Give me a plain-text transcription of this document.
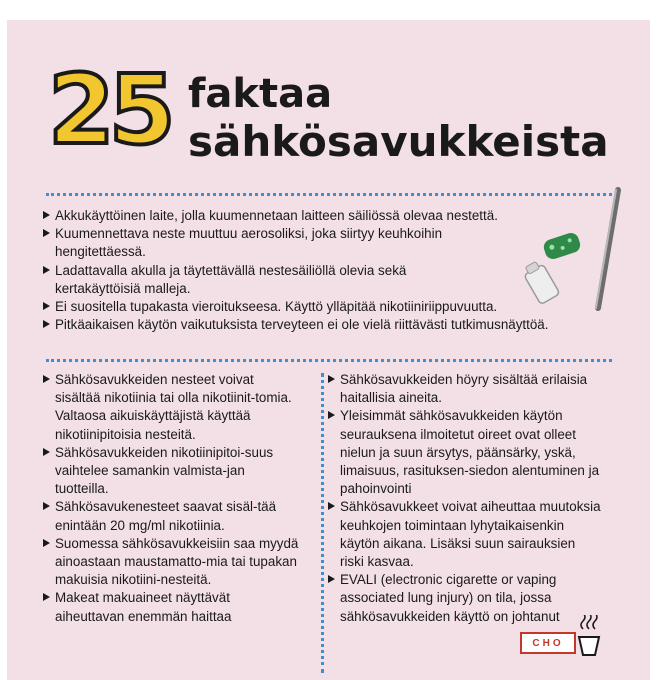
25 faktaa
sähkösavukkeista
Akkukäyttöinen laite, jolla kuumennetaan laitteen säiliössä olevaa nestettä.
Kuumennettava neste muuttuu aerosoliksi, joka siirtyy keuhkoihin hengitettäessä.
Ladattavalla akulla ja täytettävällä nestesäiliöllä olevia sekä kertakäyttöisiä malleja.
Ei suositella tupakasta vieroitukseesa. Käyttö ylläpitää nikotiiniriippuvuutta.
Pitkäaikaisen käytön vaikutuksista terveyteen ei ole vielä riittävästi tutkimusnäyttöä.
Sähkösavukkeiden nesteet voivat sisältää nikotiinia tai olla nikotiinit-tomia. Valtaosa aikuiskäyttäjistä käyttää nikotiinipitoisia nesteitä.
Sähkösavukkeiden nikotiinipitoi-suus vaihtelee samankin valmista-jan tuotteilla.
Sähkösavukenesteet saavat sisäl-tää enintään 20 mg/ml nikotiinia.
Suomessa sähkösavukkeisiin saa myydä ainoastaan maustamatto-mia tai tupakan makuisia nikotiini-nesteitä.
Makeat makuaineet näyttävät aiheuttavan enemmän haittaa
Sähkösavukkeiden höyry sisältää erilaisia haitallisia aineita.
Yleisimmät sähkösavukkeiden käytön seurauksena ilmoitetut oireet ovat olleet nielun ja suun ärsytys, päänsärky, yskä, limaisuus, rasituksen-siedon alentuminen ja pahoinvointi
Sähkösavukkeet voivat aiheuttaa muutoksia keuhkojen toimintaan lyhytaikaisenkin käytön aikana. Lisäksi suun sairauksien riski kasvaa.
EVALI (electronic cigarette or vaping associated lung injury) on tila, jossa sähkösavukkeiden käyttö on johtanut
CHO
